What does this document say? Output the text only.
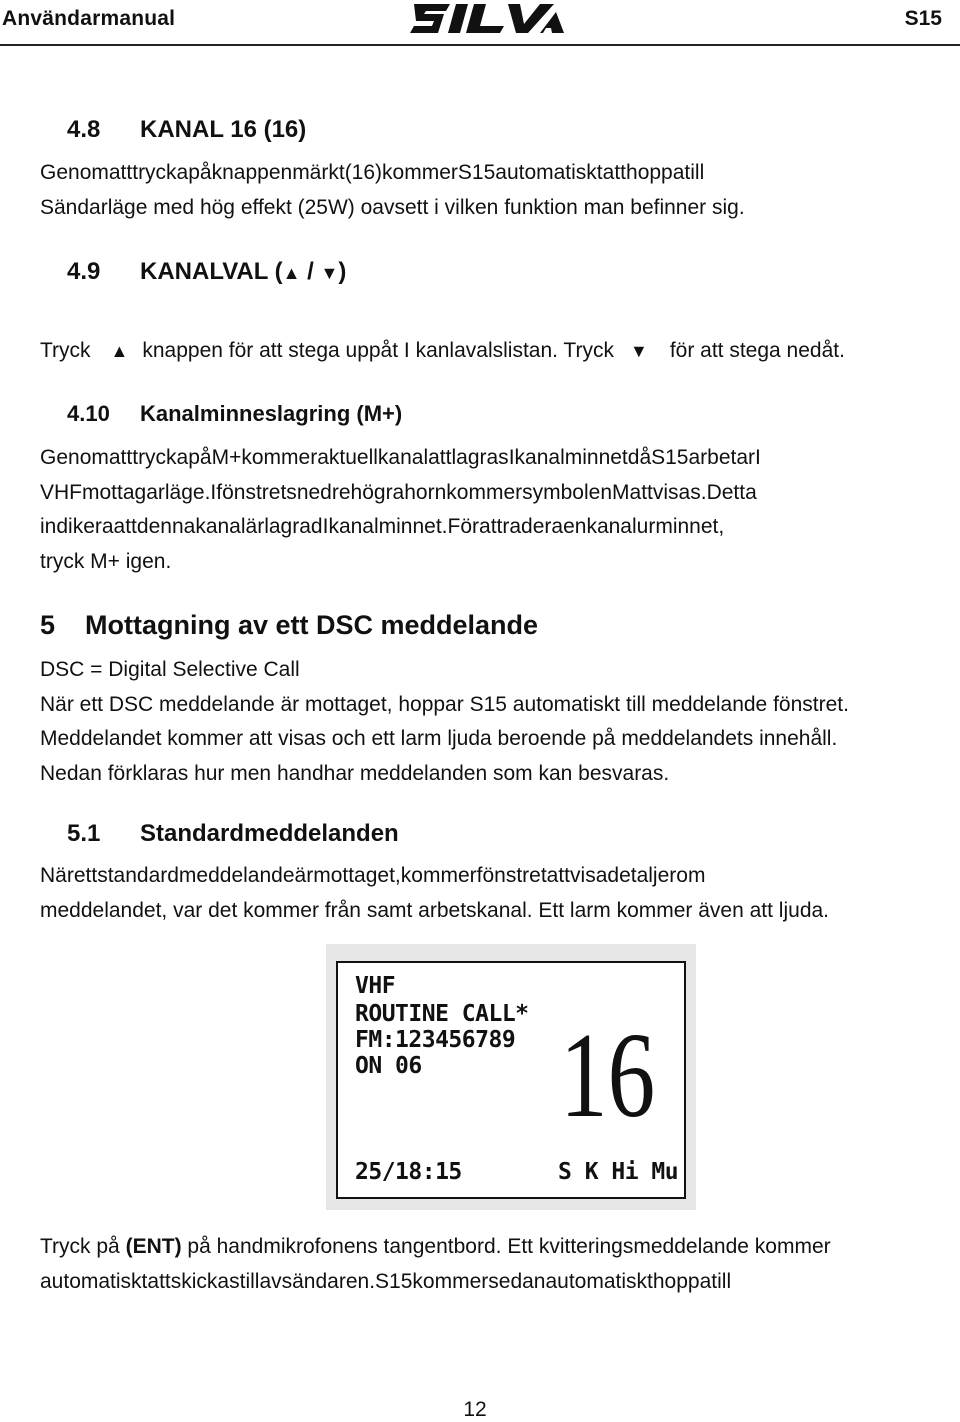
Användarmanual	S15
4.8 KANAL 16 (16)
Genomatttryckapåknappenmärkt(16)kommerS15automatisktatthoppatill
Sändarläge med hög effekt (25W) oavsett i vilken funktion man befinner sig.
4.9 KANALVAL (▲ / ▼)
Tryck ▲ knappen för att stega uppåt I kanlavalslistan. Tryck ▼ för att stega nedåt.
4.10 Kanalminneslagring (M+)
GenomatttryckapåM+kommeraktuellkanalattlagrasIkanalminnetdåS15arbetarI
VHFmottagarläge.IfönstretsnedrehögrahornkommersymbolenMattvisas.Detta
indikeraattdennakanalärlagradIkanalminnet.Förattraderaenkanalurminnet,
tryck M+ igen.
5 Mottagning av ett DSC meddelande
DSC = Digital Selective Call
När ett DSC meddelande är mottaget, hoppar S15 automatiskt till meddelande fönstret.
Meddelandet kommer att visas och ett larm ljuda beroende på meddelandets innehåll.
Nedan förklaras hur men handhar meddelanden som kan besvaras.
5.1 Standardmeddelanden
Närettstandardmeddelandeärmottaget,kommerfönstretattvisadetaljerom
meddelandet, var det kommer från samt arbetskanal. Ett larm kommer även att ljuda.
VHF
ROUTINE CALL*
FM:123456789
ON 06 16
25/18:15	S K Hi Mu
Tryck på (ENT) på handmikrofonens tangentbord. Ett kvitteringsmeddelande kommer
automatisktattskickastillavsändaren.S15kommersedanautomatiskthoppatill
12
